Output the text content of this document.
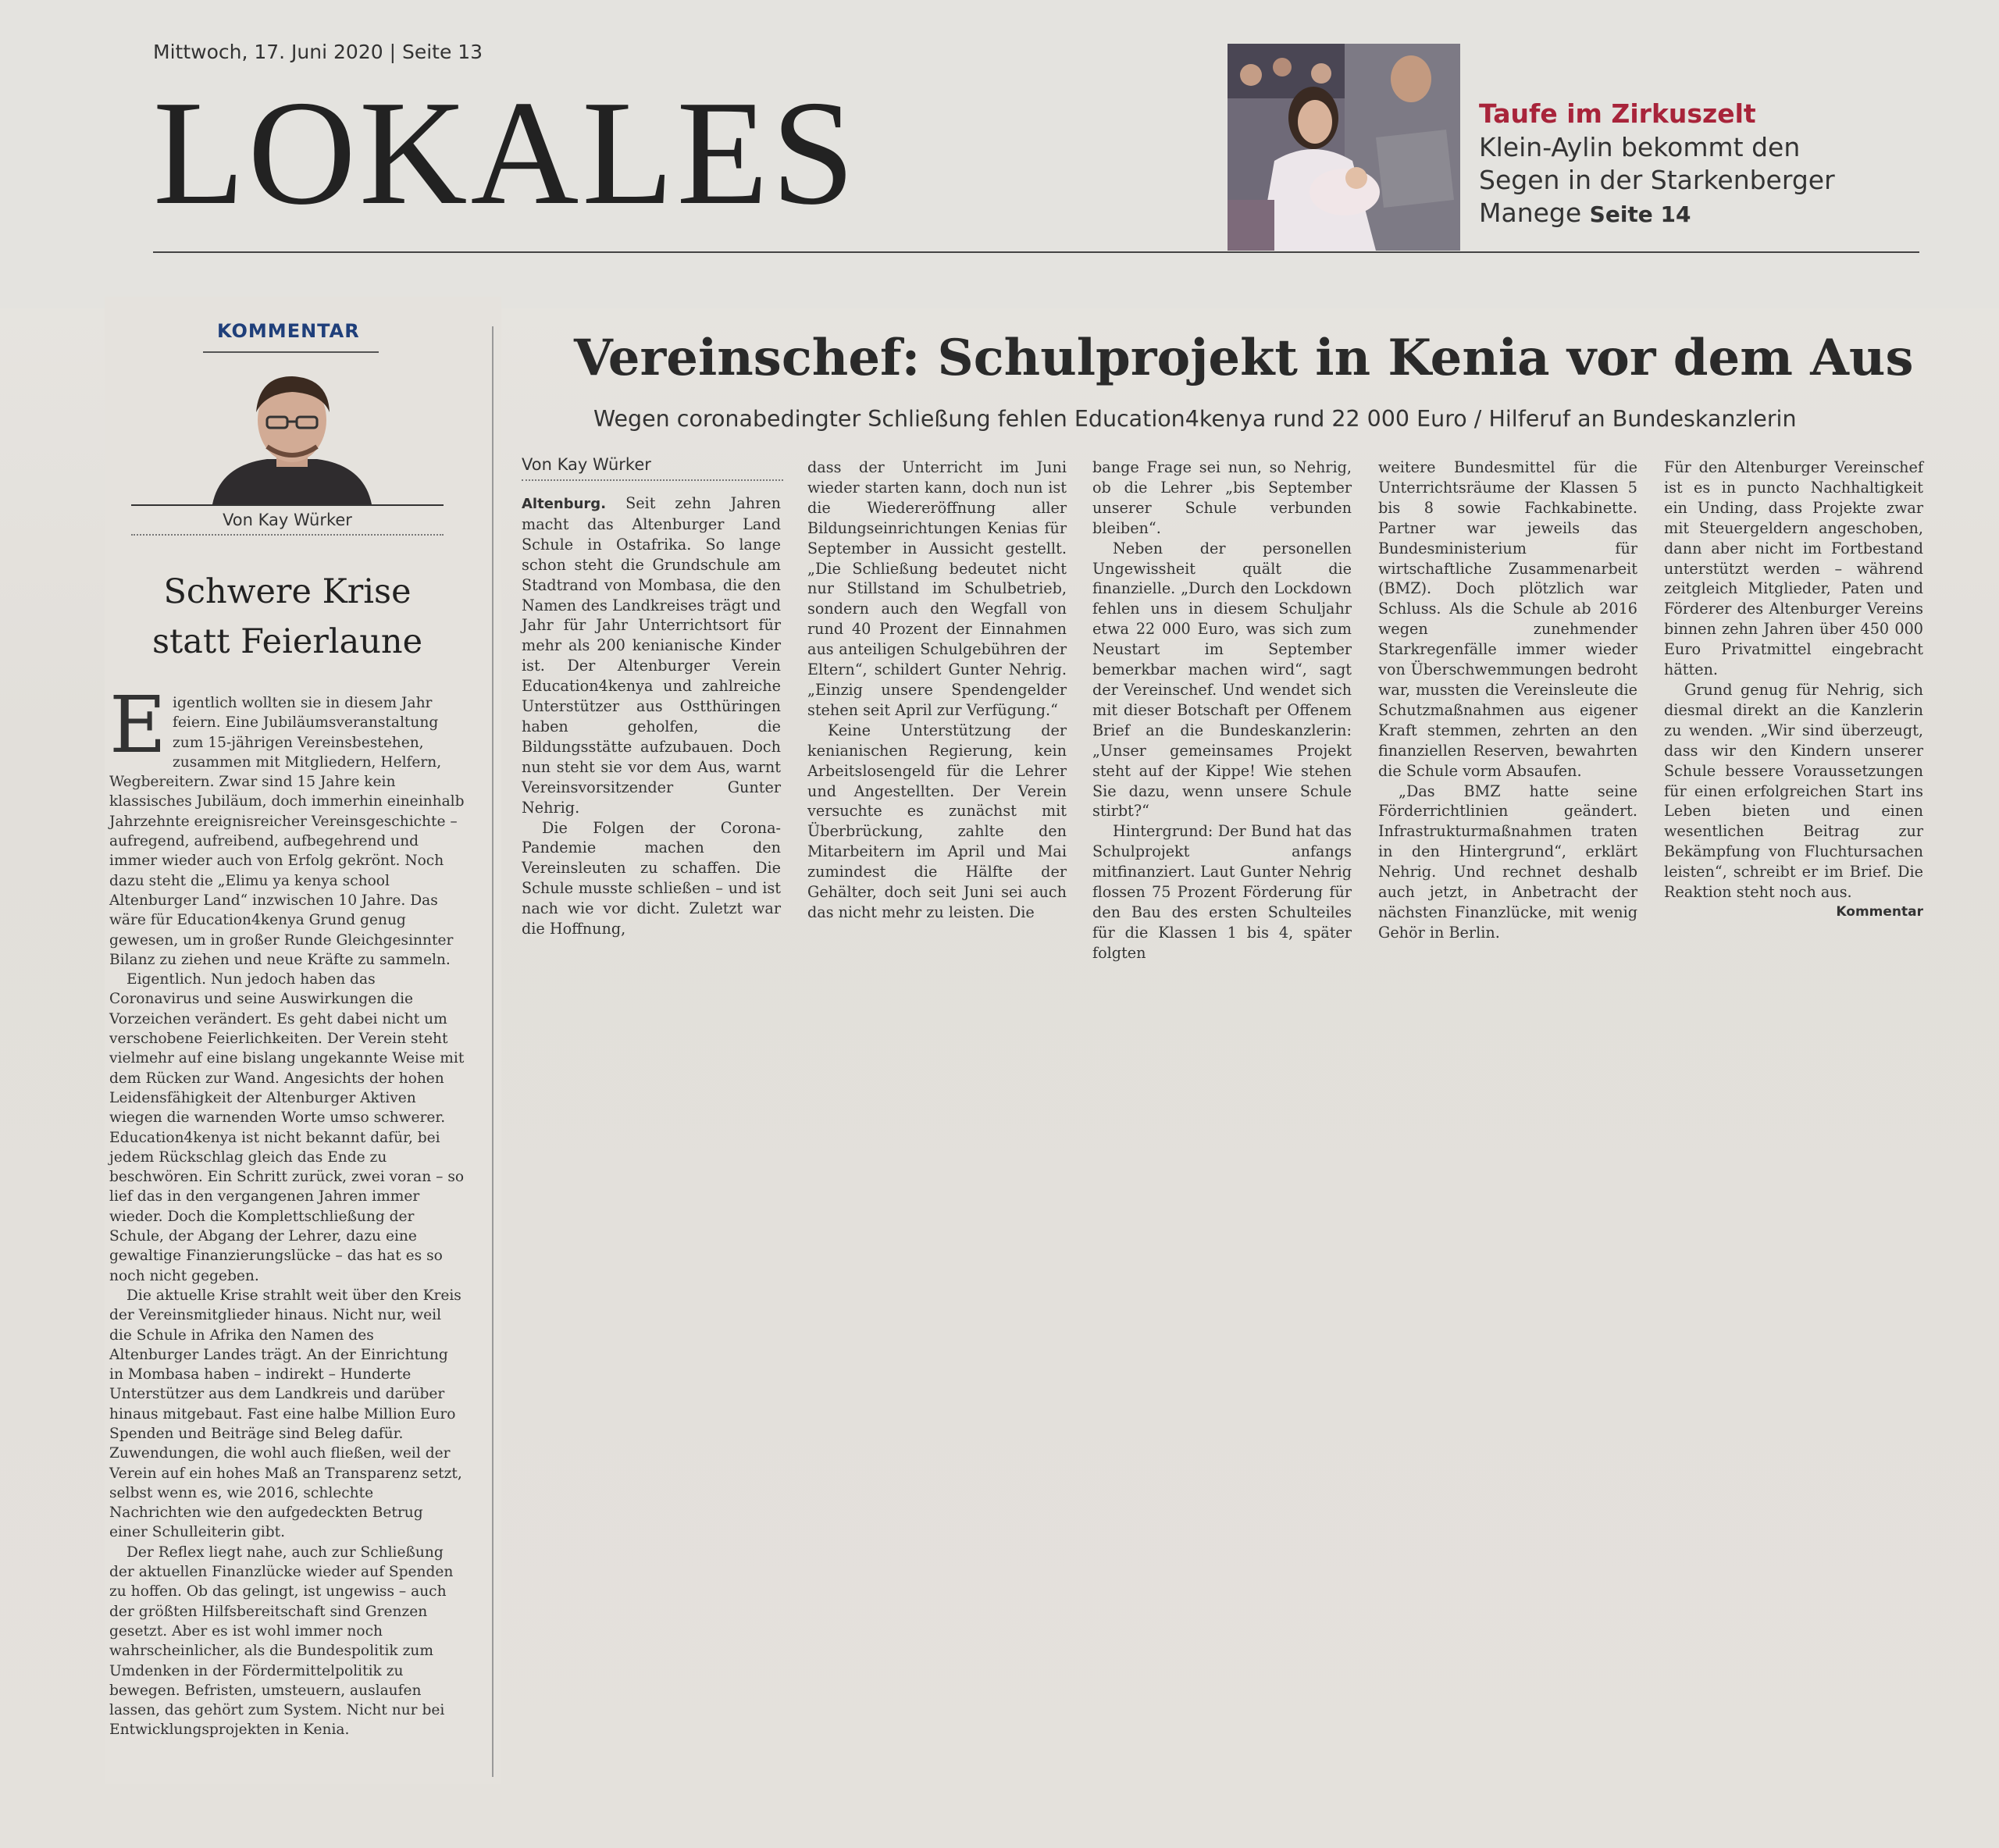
Mittwoch, 17. Juni 2020 | Seite 13
LOKALES	Taufe im Zirkuszelt
Klein-Aylin bekommt den Segen in der Starkenberger Manege Seite 14
KOMMENTAR
Von Kay Würker
Schwere Krise
statt Feierlaune

Eigentlich wollten sie in diesem Jahr feiern. Eine Jubiläumsveranstaltung zum 15-jährigen Vereinsbestehen, zusammen mit Mitgliedern, Helfern, Wegbereitern. Zwar sind 15 Jahre kein klassisches Jubiläum, doch immerhin eineinhalb Jahrzehnte ereignisreicher Vereinsgeschichte – aufregend, aufreibend, aufbegehrend und immer wieder auch von Erfolg gekrönt. Noch dazu steht die „Elimu ya kenya school Altenburger Land“ inzwischen 10 Jahre. Das wäre für Education4kenya Grund genug gewesen, um in großer Runde Gleichgesinnter Bilanz zu ziehen und neue Kräfte zu sammeln.

Eigentlich. Nun jedoch haben das Coronavirus und seine Auswirkungen die Vorzeichen verändert. Es geht dabei nicht um verschobene Feierlichkeiten. Der Verein steht vielmehr auf eine bislang ungekannte Weise mit dem Rücken zur Wand. Angesichts der hohen Leidensfähigkeit der Altenburger Aktiven wiegen die warnenden Worte umso schwerer. Education4kenya ist nicht bekannt dafür, bei jedem Rückschlag gleich das Ende zu beschwören. Ein Schritt zurück, zwei voran – so lief das in den vergangenen Jahren immer wieder. Doch die Komplettschließung der Schule, der Abgang der Lehrer, dazu eine gewaltige Finanzierungslücke – das hat es so noch nicht gegeben.

Die aktuelle Krise strahlt weit über den Kreis der Vereinsmitglieder hinaus. Nicht nur, weil die Schule in Afrika den Namen des Altenburger Landes trägt. An der Einrichtung in Mombasa haben – indirekt – Hunderte Unterstützer aus dem Landkreis und darüber hinaus mitgebaut. Fast eine halbe Million Euro Spenden und Beiträge sind Beleg dafür. Zuwendungen, die wohl auch fließen, weil der Verein auf ein hohes Maß an Transparenz setzt, selbst wenn es, wie 2016, schlechte Nachrichten wie den aufgedeckten Betrug einer Schulleiterin gibt.

Der Reflex liegt nahe, auch zur Schließung der aktuellen Finanzlücke wieder auf Spenden zu hoffen. Ob das gelingt, ist ungewiss – auch der größten Hilfsbereitschaft sind Grenzen gesetzt. Aber es ist wohl immer noch wahrscheinlicher, als die Bundespolitik zum Umdenken in der Fördermittelpolitik zu bewegen. Befristen, umsteuern, auslaufen lassen, das gehört zum System. Nicht nur bei Entwicklungsprojekten in Kenia.

Vereinschef: Schulprojekt in Kenia vor dem Aus
Wegen coronabedingter Schließung fehlen Education4kenya rund 22 000 Euro / Hilferuf an Bundeskanzlerin
Von Kay Würker

Altenburg. Seit zehn Jahren macht das Altenburger Land Schule in Ostafrika. So lange schon steht die Grundschule am Stadtrand von Mombasa, die den Namen des Landkreises trägt und Jahr für Jahr Unterrichtsort für mehr als 200 kenianische Kinder ist. Der Altenburger Verein Education4kenya und zahlreiche Unterstützer aus Ostthüringen haben geholfen, die Bildungsstätte aufzubauen. Doch nun steht sie vor dem Aus, warnt Vereinsvorsitzender Gunter Nehrig.

Die Folgen der Corona-Pandemie machen den Vereinsleuten zu schaffen. Die Schule musste schließen – und ist nach wie vor dicht. Zuletzt war die Hoffnung,

dass der Unterricht im Juni wieder starten kann, doch nun ist die Wiedereröffnung aller Bildungseinrichtungen Kenias für September in Aussicht gestellt. „Die Schließung bedeutet nicht nur Stillstand im Schulbetrieb, sondern auch den Wegfall von rund 40 Prozent der Einnahmen aus anteiligen Schulgebühren der Eltern“, schildert Gunter Nehrig. „Einzig unsere Spendengelder stehen seit April zur Verfügung.“

Keine Unterstützung der kenianischen Regierung, kein Arbeitslosengeld für die Lehrer und Angestellten. Der Verein versuchte es zunächst mit Überbrückung, zahlte den Mitarbeitern im April und Mai zumindest die Hälfte der Gehälter, doch seit Juni sei auch das nicht mehr zu leisten. Die

bange Frage sei nun, so Nehrig, ob die Lehrer „bis September unserer Schule verbunden bleiben“.

Neben der personellen Ungewissheit quält die finanzielle. „Durch den Lockdown fehlen uns in diesem Schuljahr etwa 22 000 Euro, was sich zum Neustart im September bemerkbar machen wird“, sagt der Vereinschef. Und wendet sich mit dieser Botschaft per Offenem Brief an die Bundeskanzlerin: „Unser gemeinsames Projekt steht auf der Kippe! Wie stehen Sie dazu, wenn unsere Schule stirbt?“

Hintergrund: Der Bund hat das Schulprojekt anfangs mitfinanziert. Laut Gunter Nehrig flossen 75 Prozent Förderung für den Bau des ersten Schulteiles für die Klassen 1 bis 4, später folgten

weitere Bundesmittel für die Unterrichtsräume der Klassen 5 bis 8 sowie Fachkabinette. Partner war jeweils das Bundesministerium für wirtschaftliche Zusammenarbeit (BMZ). Doch plötzlich war Schluss. Als die Schule ab 2016 wegen zunehmender Starkregenfälle immer wieder von Überschwemmungen bedroht war, mussten die Vereinsleute die Schutzmaßnahmen aus eigener Kraft stemmen, zehrten an den finanziellen Reserven, bewahrten die Schule vorm Absaufen.

„Das BMZ hatte seine Förderrichtlinien geändert. Infrastrukturmaßnahmen traten in den Hintergrund“, erklärt Nehrig. Und rechnet deshalb auch jetzt, in Anbetracht der nächsten Finanzlücke, mit wenig Gehör in Berlin.

Für den Altenburger Vereinschef ist es in puncto Nachhaltigkeit ein Unding, dass Projekte zwar mit Steuergeldern angeschoben, dann aber nicht im Fortbestand unterstützt werden – während zeitgleich Mitglieder, Paten und Förderer des Altenburger Vereins binnen zehn Jahren über 450 000 Euro Privatmittel eingebracht hätten.

Grund genug für Nehrig, sich diesmal direkt an die Kanzlerin zu wenden. „Wir sind überzeugt, dass wir den Kindern unserer Schule bessere Voraussetzungen für einen erfolgreichen Start ins Leben bieten und einen wesentlichen Beitrag zur Bekämpfung von Fluchtursachen leisten“, schreibt er im Brief. Die Reaktion steht noch aus.
Kommentar
